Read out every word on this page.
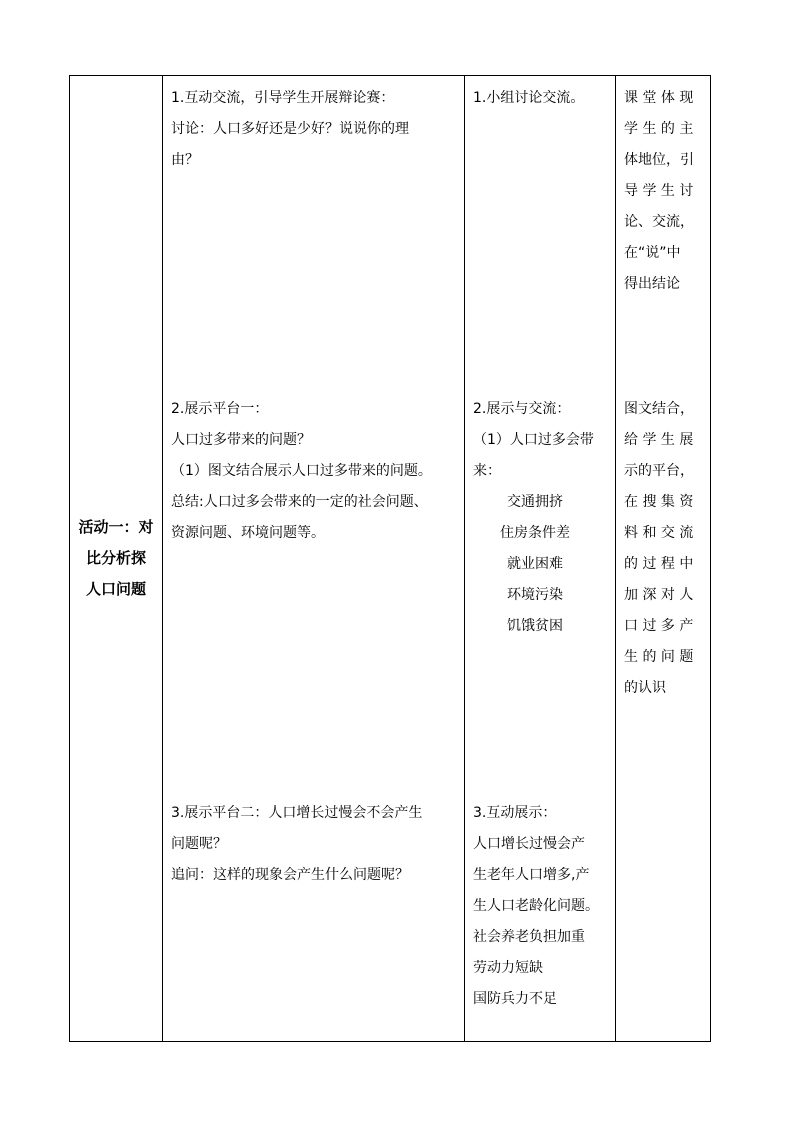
活动一：对
比分析探
人口问题

1.互动交流，引导学生开展辩论赛：
讨论：人口多好还是少好？说说你的理
由？
2.展示平台一：
人口过多带来的问题？
（1）图文结合展示人口过多带来的问题。
总结:人口过多会带来的一定的社会问题、
资源问题、环境问题等。
3.展示平台二：人口增长过慢会不会产生
问题呢？
追问：这样的现象会产生什么问题呢？

1.小组讨论交流。
2.展示与交流：
（1）人口过多会带
来：
交通拥挤
住房条件差
就业困难
环境污染
饥饿贫困
3.互动展示：
人口增长过慢会产
生老年人口增多,产
生人口老龄化问题。
社会养老负担加重
劳动力短缺
国防兵力不足

课 堂 体 现
学 生 的 主
体地位，引
导 学 生 讨
论、交流，
在“说”中
得出结论
图文结合，
给 学 生 展
示的平台，
在 搜 集 资
料 和 交 流
的 过 程 中
加 深 对 人
口 过 多 产
生 的 问 题
的认识
